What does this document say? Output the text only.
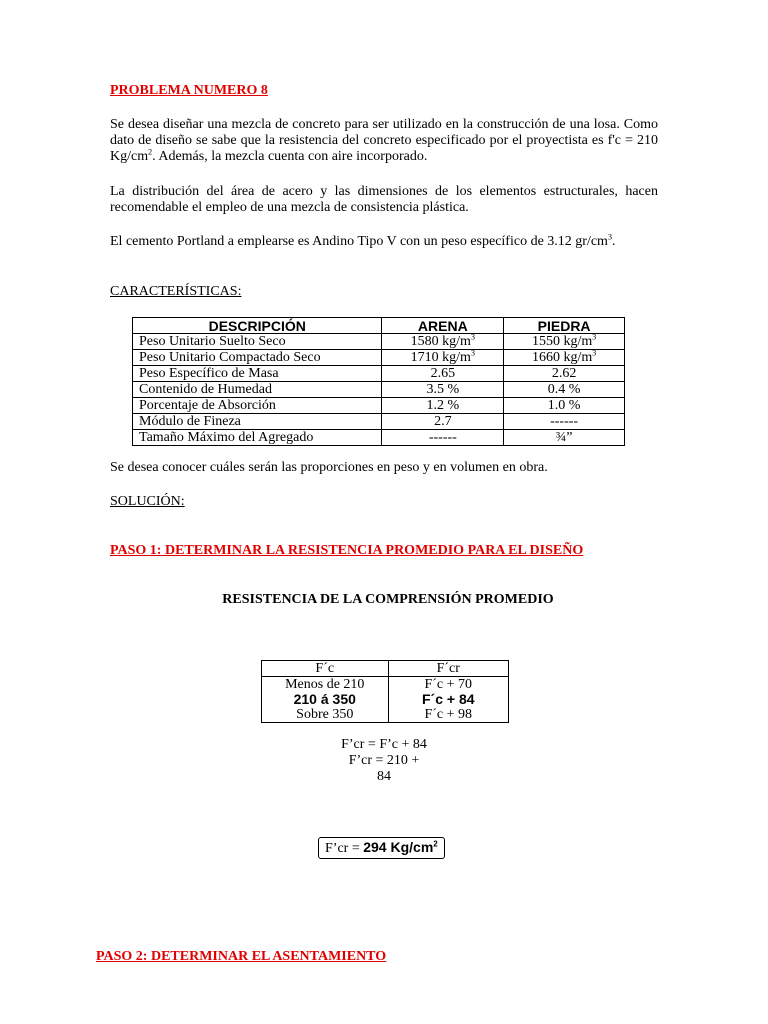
PROBLEMA NUMERO 8
Se desea diseñar una mezcla de concreto para ser utilizado en la construcción de una losa. Como dato de diseño se sabe que la resistencia del concreto especificado por el proyectista es f'c = 210 $Kg/cm^2$. Además, la mezcla cuenta con aire incorporado.
La distribución del área de acero y las dimensiones de los elementos estructurales, hacen recomendable el empleo de una mezcla de consistencia plástica.
El cemento Portland a emplearse es Andino Tipo V con un peso específico de 3.12 $gr/cm^3$.
CARACTERÍSTICAS:
DESCRIPCIÓN	ARENA	PIEDRA
Peso Unitario Suelto Seco	1580 $kg/m^3$	1550 $kg/m^3$
Peso Unitario Compactado Seco	1710 $kg/m^3$	1660 $kg/m^3$
Peso Específico de Masa	2.65	2.62
Contenido de Humedad	3.5 %	0.4 %
Porcentaje de Absorción	1.2 %	1.0 %
Módulo de Fineza	2.7	------
Tamaño Máximo del Agregado	------	¾”
Se desea conocer cuáles serán las proporciones en peso y en volumen en obra.
SOLUCIÓN:
PASO 1: DETERMINAR LA RESISTENCIA PROMEDIO PARA EL DISEÑO
RESISTENCIA DE LA COMPRENSIÓN PROMEDIO
F´c	F´cr
Menos de 210	F´c + 70
210 á 350	F´c + 84
Sobre 350	F´c + 98
F’cr = F’c + 84
F’cr = 210 +
84
F’cr = 294 $Kg/cm^2$
PASO 2: DETERMINAR EL ASENTAMIENTO
